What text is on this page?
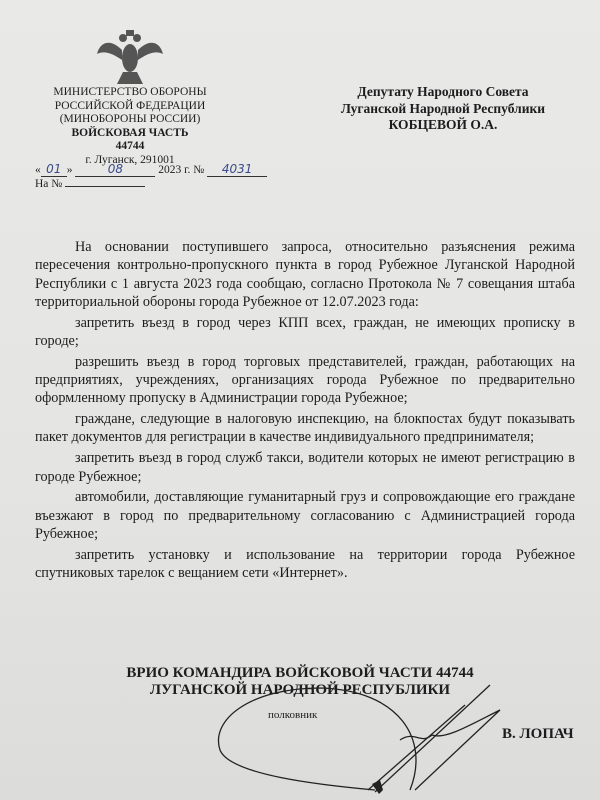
МИНИСТЕРСТВО ОБОРОНЫ
РОССИЙСКОЙ ФЕДЕРАЦИИ
(МИНОБОРОНЫ РОССИИ)
ВОЙСКОВАЯ ЧАСТЬ
44744
г. Луганск, 291001
« 01 »	08	2023 г. № 4031
На №
Депутату Народного Совета
Луганской Народной Республики
КОБЦЕВОЙ О.А.

На основании поступившего запроса, относительно разъяснения режима пересечения контрольно-пропускного пункта в город Рубежное Луганской Народной Республики с 1 августа 2023 года сообщаю, согласно Протокола № 7 совещания штаба территориальной обороны города Рубежное от 12.07.2023 года:

запретить въезд в город через КПП всех, граждан, не имеющих прописку в городе;

разрешить въезд в город торговых представителей, граждан, работающих на предприятиях, учреждениях, организациях города Рубежное по предварительно оформленному пропуску в Администрации города Рубежное;

граждане, следующие в налоговую инспекцию, на блокпостах будут показывать пакет документов для регистрации в качестве индивидуального предпринимателя;

запретить въезд в город служб такси, водители которых не имеют регистрацию в городе Рубежное;

автомобили, доставляющие гуманитарный груз и сопровождающие его граждане въезжают в город по предварительному согласованию с Администрацией города Рубежное;

запретить установку и использование на территории города Рубежное спутниковых тарелок с вещанием сети «Интернет».

ВРИО КОМАНДИРА ВОЙСКОВОЙ ЧАСТИ 44744
ЛУГАНСКОЙ НАРОДНОЙ РЕСПУБЛИКИ
полковник
В. ЛОПАЧ
